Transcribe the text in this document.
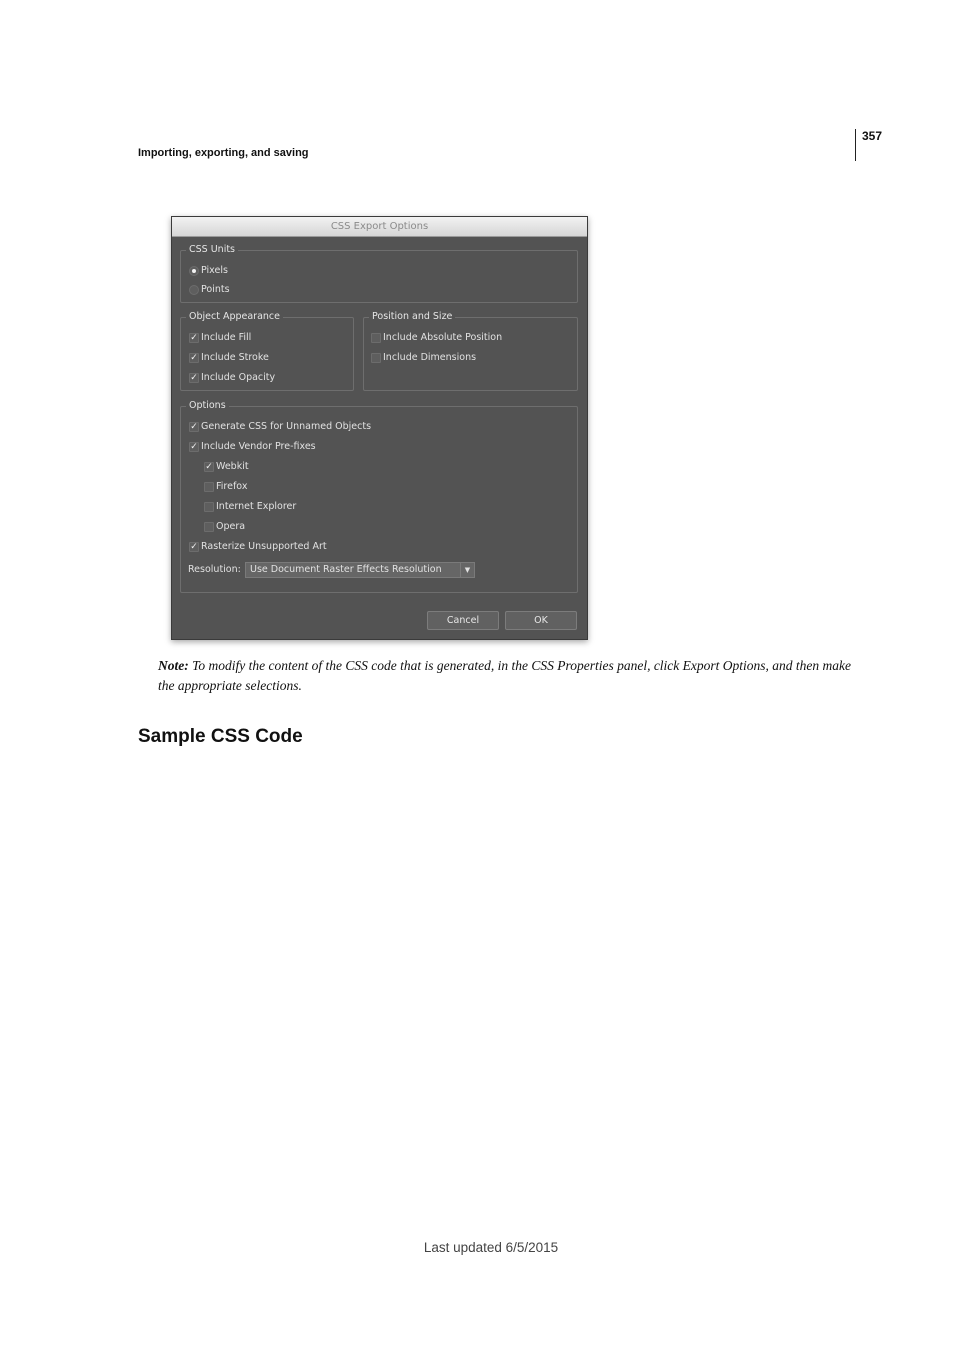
357
Importing, exporting, and saving
CSS Export Options
CSS Units
Pixels
Points
Object Appearance
✓ Include Fill
✓ Include Stroke
✓ Include Opacity
Position and Size
Include Absolute Position
Include Dimensions
Options
✓ Generate CSS for Unnamed Objects
✓ Include Vendor Pre-fixes
✓ Webkit
Firefox
Internet Explorer
Opera
✓ Rasterize Unsupported Art
Resolution: Use Document Raster Effects Resolution	▼
Cancel	OK
Note: To modify the content of the CSS code that is generated, in the CSS Properties panel, click Export Options, and then make the appropriate selections.
Sample CSS Code
Last updated 6/5/2015
